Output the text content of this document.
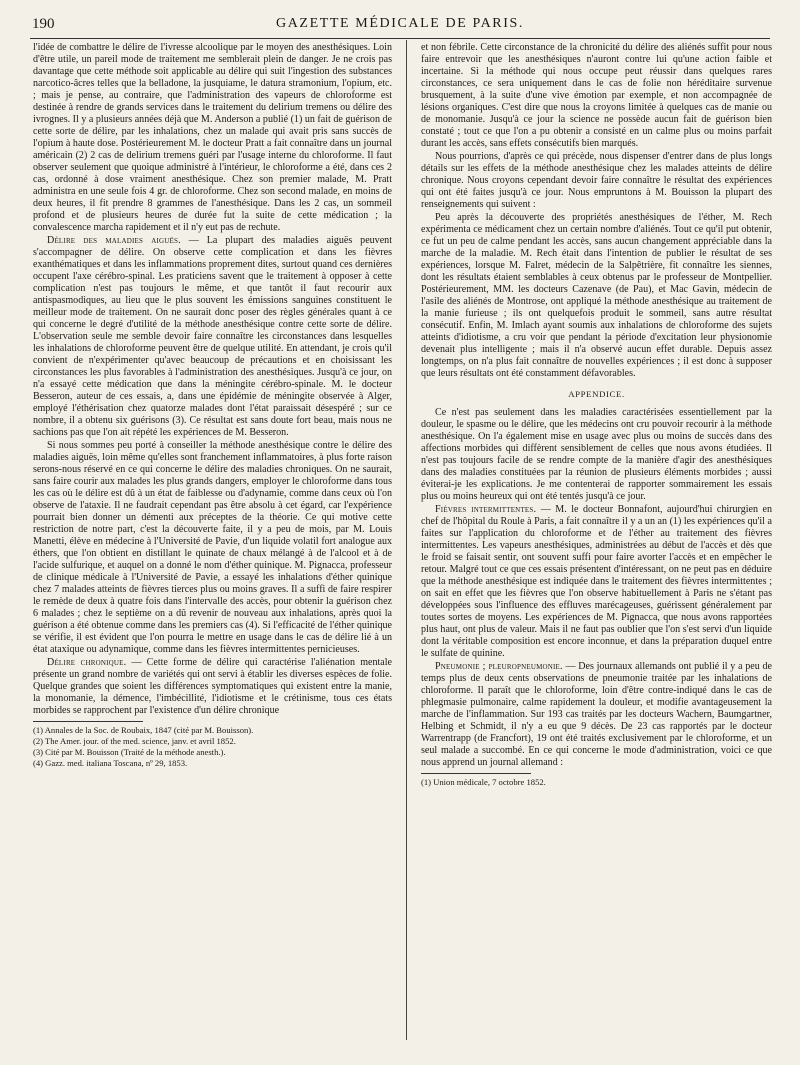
190	GAZETTE MÉDICALE DE PARIS.

l'idée de combattre le délire de l'ivresse alcoolique par le moyen des anesthésiques. Loin d'être utile, un pareil mode de traitement me semblerait plein de danger. Je ne crois pas davantage que cette méthode soit applicable au délire qui suit l'ingestion des substances narcotico-âcres telles que la belladone, la jusquiame, le datura stramonium, l'opium, etc. ; mais je pense, au contraire, que l'administration des vapeurs de chloroforme est destinée à rendre de grands services dans le traitement du delirium tremens ou délire des ivrognes. Il y a plusieurs années déjà que M. Anderson a publié (1) un fait de guérison de cette sorte de délire, par les inhalations, chez un malade qui avait pris sans succès de l'opium à haute dose. Postérieurement M. le docteur Pratt a fait connaître dans un journal américain (2) 2 cas de delirium tremens guéri par l'usage interne du chloroforme. Il faut observer seulement que quoique administré à l'intérieur, le chloroforme a été, dans ces 2 cas, ordonné à dose vraiment anesthésique. Chez son premier malade, M. Pratt administra en une seule fois 4 gr. de chloroforme. Chez son second malade, en moins de deux heures, il fit prendre 8 grammes de l'anesthésique. Dans les 2 cas, un sommeil profond et de plusieurs heures de durée fut la suite de cette médication ; la convalescence marcha rapidement et il n'y eut pas de rechute.

Délire des maladies aiguës. — La plupart des maladies aiguës peuvent s'accompagner de délire. On observe cette complication et dans les fièvres exanthématiques et dans les inflammations proprement dites, surtout quand ces dernières occupent l'axe cérébro-spinal. Les praticiens savent que le traitement à opposer à cette complication n'est pas toujours le même, et que tantôt il faut recourir aux antispasmodiques, au lieu que le plus souvent les émissions sanguines constituent le meilleur mode de traitement. On ne saurait donc poser des règles générales quant à ce qui concerne le degré d'utilité de la méthode anesthésique contre cette sorte de délire. L'observation seule me semble devoir faire connaître les circonstances dans lesquelles les inhalations de chloroforme peuvent être de quelque utilité. En attendant, je crois qu'il convient de n'expérimenter qu'avec beaucoup de précautions et en choisissant les circonstances les plus favorables à l'administration des anesthésiques. Jusqu'à ce jour, on n'a essayé cette médication que dans la méningite cérébro-spinale. M. le docteur Besseron, auteur de ces essais, a, dans une épidémie de méningite observée à Alger, employé l'éthérisation chez quatorze malades dont l'état paraissait désespéré ; sur ce nombre, il a obtenu six guérisons (3). Ce résultat est sans doute fort beau, mais nous ne sachions pas que l'on ait répété les expériences de M. Besseron.

Si nous sommes peu porté à conseiller la méthode anesthésique contre le délire des maladies aiguës, loin même qu'elles sont franchement inflammatoires, à plus forte raison serons-nous réservé en ce qui concerne le délire des maladies chroniques. On ne saurait, sans faire courir aux malades les plus grands dangers, employer le chloroforme dans tous les cas où le délire est dû à un état de faiblesse ou d'adynamie, comme dans ceux où l'on observe de l'ataxie. Il ne faudrait cependant pas être absolu à cet égard, car l'expérience pourrait bien donner un démenti aux préceptes de la théorie. Ce qui motive cette restriction de notre part, c'est la découverte faite, il y a peu de mois, par M. Louis Manetti, élève en médecine à l'Université de Pavie, d'un liquide volatil fort analogue aux éthers, que l'on obtient en distillant le quinate de chaux mélangé à de l'alcool et à de l'acide sulfurique, et auquel on a donné le nom d'éther quinique. M. Pignacca, professeur de clinique médicale à l'Université de Pavie, a essayé les inhalations d'éther quinique chez 7 malades atteints de fièvres tierces plus ou moins graves. Il a suffi de faire respirer le remède de deux à quatre fois dans l'intervalle des accès, pour obtenir la guérison chez 6 malades ; chez le septième on a dû revenir de nouveau aux inhalations, après quoi la guérison a été obtenue comme dans les premiers cas (4). Si l'efficacité de l'éther quinique se vérifie, il est évident que l'on pourra le mettre en usage dans le cas de délire lié à un état ataxique ou adynamique, comme dans les fièvres intermittentes pernicieuses.

Délire chronique. — Cette forme de délire qui caractérise l'aliénation mentale présente un grand nombre de variétés qui ont servi à établir les diverses espèces de folie. Quelque grandes que soient les différences symptomatiques qui existent entre la manie, la monomanie, la démence, l'imbécillité, l'idiotisme et le crétinisme, tous ces états morbides se rapprochent par l'existence d'un délire chronique

(1) Annales de la Soc. de Roubaix, 1847 (cité par M. Bouisson).
(2) The Amer. jour. of the med. science, janv. et avril 1852.
(3) Cité par M. Bouisson (Traité de la méthode anesth.).
(4) Gazz. med. italiana Toscana, nº 29, 1853.

et non fébrile. Cette circonstance de la chronicité du délire des aliénés suffit pour nous faire entrevoir que les anesthésiques n'auront contre lui qu'une action faible et incertaine. Si la méthode qui nous occupe peut réussir dans quelques rares circonstances, ce sera uniquement dans le cas de folie non héréditaire survenue brusquement, à la suite d'une vive émotion par exemple, et non accompagnée de lésions organiques. C'est dire que nous la croyons limitée à quelques cas de manie ou de monomanie. Jusqu'à ce jour la science ne possède aucun fait de guérison bien constaté ; tout ce que l'on a pu obtenir a consisté en un calme plus ou moins parfait durant les accès, sans effets consécutifs bien marqués.

Nous pourrions, d'après ce qui précède, nous dispenser d'entrer dans de plus longs détails sur les effets de la méthode anesthésique chez les malades atteints de délire chronique. Nous croyons cependant devoir faire connaître le résultat des expériences qui ont été faites jusqu'à ce jour. Nous empruntons à M. Bouisson la plupart des renseignements qui suivent :

Peu après la découverte des propriétés anesthésiques de l'éther, M. Rech expérimenta ce médicament chez un certain nombre d'aliénés. Tout ce qu'il put obtenir, ce fut un peu de calme pendant les accès, sans aucun changement appréciable dans la marche de la maladie. M. Rech était dans l'intention de publier le résultat de ses expériences, lorsque M. Falret, médecin de la Salpêtrière, fit connaître les siennes, dont les résultats étaient semblables à ceux obtenus par le professeur de Montpellier. Postérieurement, MM. les docteurs Cazenave (de Pau), et Mac Gavin, médecin de l'asile des aliénés de Montrose, ont appliqué la méthode anesthésique au traitement de la manie furieuse ; ils ont quelquefois produit le sommeil, sans autre résultat consécutif. Enfin, M. Imlach ayant soumis aux inhalations de chloroforme des sujets atteints d'idiotisme, a cru voir que pendant la période d'excitation leur physionomie devenait plus intelligente ; mais il n'a observé aucun effet durable. Depuis assez longtemps, on n'a plus fait connaître de nouvelles expériences ; il est donc à supposer que leurs résultats ont été constamment défavorables.

APPENDICE.

Ce n'est pas seulement dans les maladies caractérisées essentiellement par la douleur, le spasme ou le délire, que les médecins ont cru pouvoir recourir à la méthode anesthésique. On l'a également mise en usage avec plus ou moins de succès dans des affections morbides qui diffèrent sensiblement de celles que nous avons étudiées. Il n'est pas toujours facile de se rendre compte de la manière d'agir des anesthésiques dans des maladies constituées par la réunion de plusieurs éléments morbides ; aussi éviterai-je les explications. Je me contenterai de rapporter sommairement les essais plus ou moins heureux qui ont été tentés jusqu'à ce jour.

Fièvres intermittentes. — M. le docteur Bonnafont, aujourd'hui chirurgien en chef de l'hôpital du Roule à Paris, a fait connaître il y a un an (1) les expériences qu'il a faites sur l'application du chloroforme et de l'éther au traitement des fièvres intermittentes. Les vapeurs anesthésiques, administrées au début de l'accès et dès que le froid se faisait sentir, ont souvent suffi pour faire avorter l'accès et en empêcher le retour. Malgré tout ce que ces essais présentent d'intéressant, on ne peut pas en déduire que la méthode anesthésique est indiquée dans le traitement des fièvres intermittentes ; on sait en effet que les fièvres que l'on observe habituellement à Paris ne s'étant pas développées sous l'influence des effluves marécageuses, guérissent généralement par toutes sortes de moyens. Les expériences de M. Pignacca, que nous avons rapportées plus haut, ont plus de valeur. Mais il ne faut pas oublier que l'on s'est servi d'un liquide dont la véritable composition est encore inconnue, et dans la préparation duquel entre le sulfate de quinine.

Pneumonie ; pleuropneumonie. — Des journaux allemands ont publié il y a peu de temps plus de deux cents observations de pneumonie traitée par les inhalations de chloroforme. Il paraît que le chloroforme, loin d'être contre-indiqué dans le cas de phlegmasie pulmonaire, calme rapidement la douleur, et modifie avantageusement la marche de l'inflammation. Sur 193 cas traités par les docteurs Wachern, Baumgartner, Helbing et Schmidt, il n'y a eu que 9 décès. De 23 cas rapportés par le docteur Warrentrapp (de Francfort), 19 ont été traités exclusivement par le chloroforme, et un seul malade a succombé. En ce qui concerne le mode d'administration, voici ce que nous apprend un journal allemand :

(1) Union médicale, 7 octobre 1852.
